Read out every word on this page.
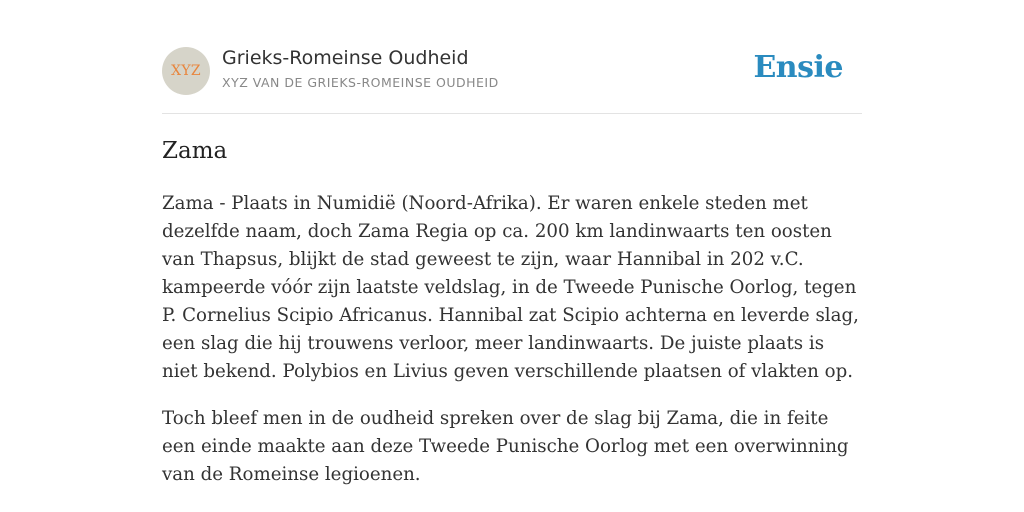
XYZ
Grieks-Romeinse Oudheid
XYZ VAN DE GRIEKS-ROMEINSE OUDHEID	Ensie
Zama

Zama - Plaats in Numidië (Noord-Afrika). Er waren enkele steden met dezelfde naam, doch Zama Regia op ca. 200 km landinwaarts ten oosten van Thapsus, blijkt de stad geweest te zijn, waar Hannibal in 202 v.C. kampeerde vóór zijn laatste veldslag, in de Tweede Punische Oorlog, tegen P. Cornelius Scipio Africanus. Hannibal zat Scipio achterna en leverde slag, een slag die hij trouwens verloor, meer landinwaarts. De juiste plaats is niet bekend. Polybios en Livius geven verschillende plaatsen of vlakten op.

Toch bleef men in de oudheid spreken over de slag bij Zama, die in feite een einde maakte aan deze Tweede Punische Oorlog met een overwinning van de Romeinse legioenen.
